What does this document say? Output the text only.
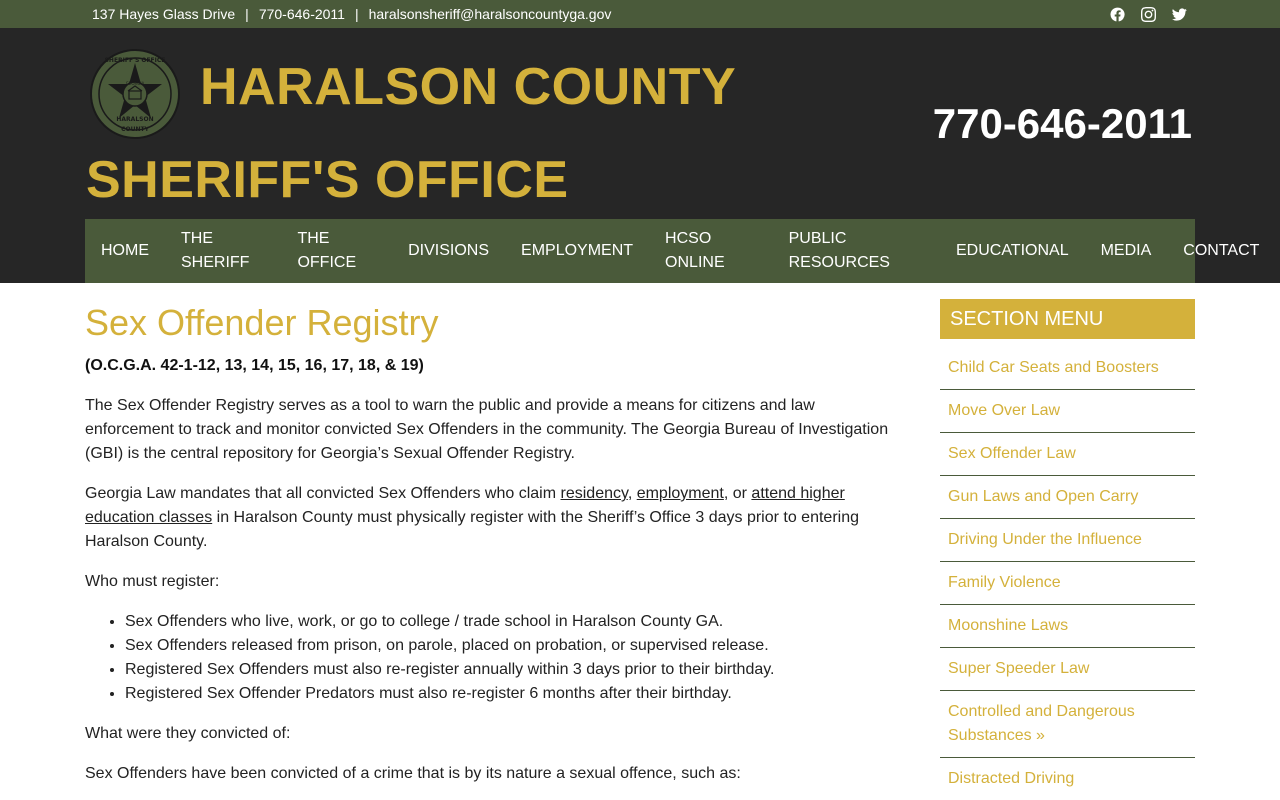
137 Hayes Glass Drive | 770-646-2011 | haralsonsheriff@haralsoncountyga.gov
SHERIFF'S OFFICE
GEORGIA
HARALSON
COUNTY
HARALSON COUNTY
SHERIFF'S OFFICE
770-646-2011
HOME
THE
SHERIFF
THE
OFFICE
DIVISIONS EMPLOYMENT
HCSO
ONLINE
PUBLIC
RESOURCES
EDUCATIONAL MEDIA CONTACT
Sex Offender Registry

(O.C.G.A. 42-1-12, 13, 14, 15, 16, 17, 18, & 19)

The Sex Offender Registry serves as a tool to warn the public and provide a means for citizens and law enforcement to track and monitor convicted Sex Offenders in the community. The Georgia Bureau of Investigation (GBI) is the central repository for Georgia’s Sexual Offender Registry.

Georgia Law mandates that all convicted Sex Offenders who claim residency, employment, or attend higher education classes in Haralson County must physically register with the Sheriff’s Office 3 days prior to entering Haralson County.

Who must register:

• Sex Offenders who live, work, or go to college / trade school in Haralson County GA.
• Sex Offenders released from prison, on parole, placed on probation, or supervised release.
• Registered Sex Offenders must also re-register annually within 3 days prior to their birthday.
• Registered Sex Offender Predators must also re-register 6 months after their birthday.

What were they convicted of:

Sex Offenders have been convicted of a crime that is by its nature a sexual offence, such as:

SECTION MENU
Child Car Seats and Boosters
Move Over Law
Sex Offender Law
Gun Laws and Open Carry
Driving Under the Influence
Family Violence
Moonshine Laws
Super Speeder Law
Controlled and Dangerous Substances »
Distracted Driving
